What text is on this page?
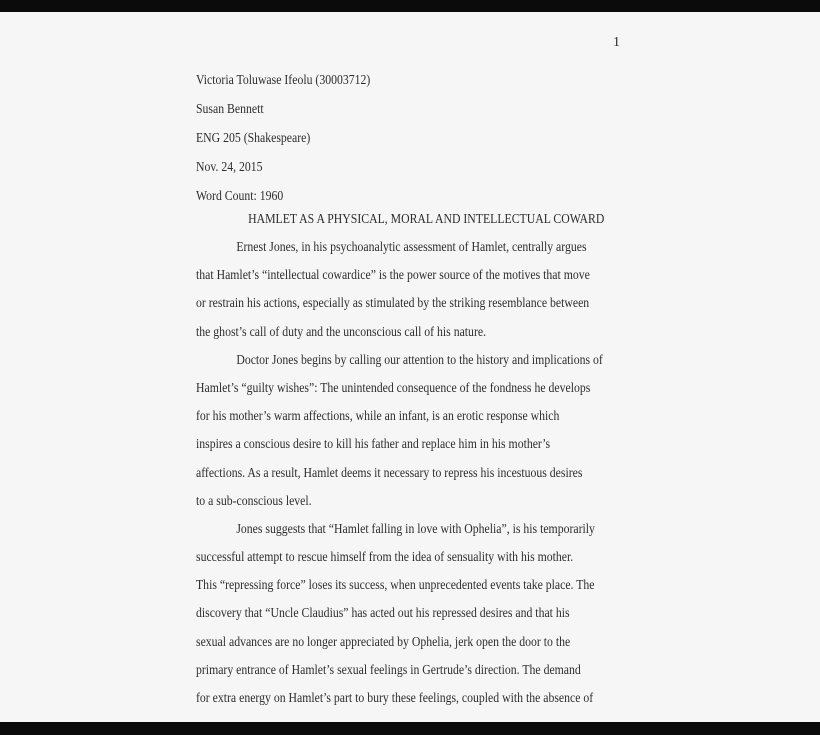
1
Victoria Toluwase Ifeolu (30003712)
Susan Bennett
ENG 205 (Shakespeare)
Nov. 24, 2015
Word Count: 1960
HAMLET AS A PHYSICAL, MORAL AND INTELLECTUAL COWARD
Ernest Jones, in his psychoanalytic assessment of Hamlet, centrally argues
that Hamlet’s “intellectual cowardice” is the power source of the motives that move
or restrain his actions, especially as stimulated by the striking resemblance between
the ghost’s call of duty and the unconscious call of his nature.
Doctor Jones begins by calling our attention to the history and implications of
Hamlet’s “guilty wishes”: The unintended consequence of the fondness he develops
for his mother’s warm affections, while an infant, is an erotic response which
inspires a conscious desire to kill his father and replace him in his mother’s
affections. As a result, Hamlet deems it necessary to repress his incestuous desires
to a sub-conscious level.
Jones suggests that “Hamlet falling in love with Ophelia”, is his temporarily
successful attempt to rescue himself from the idea of sensuality with his mother.
This “repressing force” loses its success, when unprecedented events take place. The
discovery that “Uncle Claudius” has acted out his repressed desires and that his
sexual advances are no longer appreciated by Ophelia, jerk open the door to the
primary entrance of Hamlet’s sexual feelings in Gertrude’s direction. The demand
for extra energy on Hamlet’s part to bury these feelings, coupled with the absence of
